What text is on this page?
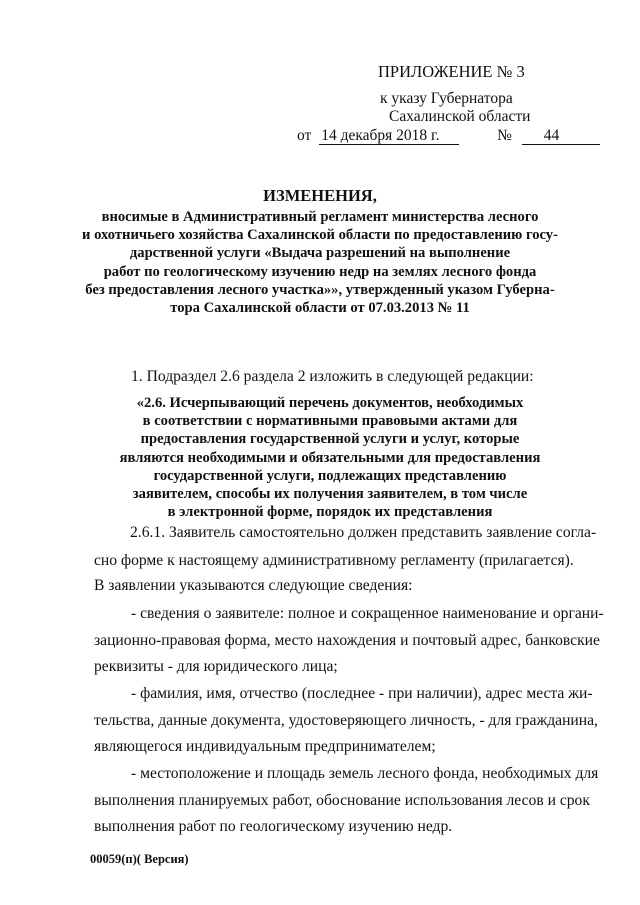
ПРИЛОЖЕНИЕ № 3
к указу Губернатора
Сахалинской области
от 14 декабря 2018 г.	№ 44
ИЗМЕНЕНИЯ,
вносимые в Административный регламент министерства лесного
и охотничьего хозяйства Сахалинской области по предоставлению госу-
дарственной услуги «Выдача разрешений на выполнение
работ по геологическому изучению недр на землях лесного фонда
без предоставления лесного участка»», утвержденный указом Губерна-
тора Сахалинской области от 07.03.2013 № 11
1. Подраздел 2.6 раздела 2 изложить в следующей редакции:
«2.6. Исчерпывающий перечень документов, необходимых
в соответствии с нормативными правовыми актами для
предоставления государственной услуги и услуг, которые
являются необходимыми и обязательными для предоставления
государственной услуги, подлежащих представлению
заявителем, способы их получения заявителем, в том числе
в электронной форме, порядок их представления
2.6.1. Заявитель самостоятельно должен представить заявление согла-
сно форме к настоящему административному регламенту (прилагается).
В заявлении указываются следующие сведения:
- сведения о заявителе: полное и сокращенное наименование и органи-
зационно-правовая форма, место нахождения и почтовый адрес, банковские
реквизиты - для юридического лица;
- фамилия, имя, отчество (последнее - при наличии), адрес места жи-
тельства, данные документа, удостоверяющего личность, - для гражданина,
являющегося индивидуальным предпринимателем;
- местоположение и площадь земель лесного фонда, необходимых для
выполнения планируемых работ, обоснование использования лесов и срок
выполнения работ по геологическому изучению недр.
00059(п)( Версия)
